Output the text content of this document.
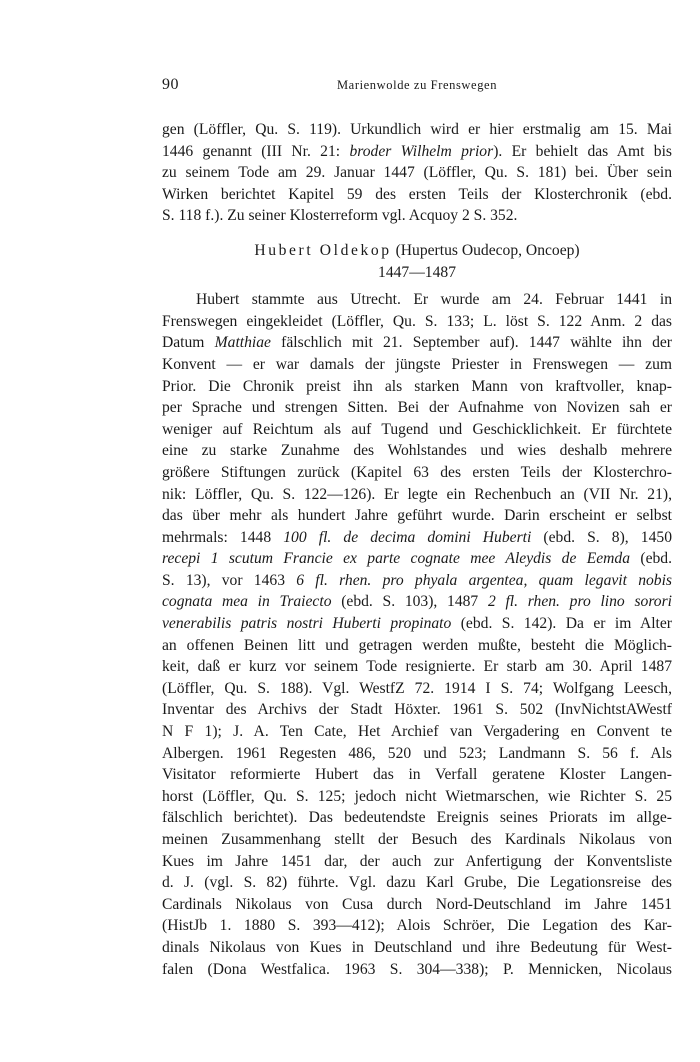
90	Marienwolde zu Frenswegen
gen (Löffler, Qu. S. 119). Urkundlich wird er hier erstmalig am 15. Mai
1446 genannt (III Nr. 21: broder Wilhelm prior). Er behielt das Amt bis
zu seinem Tode am 29. Januar 1447 (Löffler, Qu. S. 181) bei. Über sein
Wirken berichtet Kapitel 59 des ersten Teils der Klosterchronik (ebd.
S. 118 f.). Zu seiner Klosterreform vgl. Acquoy 2 S. 352.
Hubert Oldekop (Hupertus Oudecop, Oncoep)
1447—1487
Hubert stammte aus Utrecht. Er wurde am 24. Februar 1441 in
Frenswegen eingekleidet (Löffler, Qu. S. 133; L. löst S. 122 Anm. 2 das
Datum Matthiae fälschlich mit 21. September auf). 1447 wählte ihn der
Konvent — er war damals der jüngste Priester in Frenswegen — zum
Prior. Die Chronik preist ihn als starken Mann von kraftvoller, knap-
per Sprache und strengen Sitten. Bei der Aufnahme von Novizen sah er
weniger auf Reichtum als auf Tugend und Geschicklichkeit. Er fürchtete
eine zu starke Zunahme des Wohlstandes und wies deshalb mehrere
größere Stiftungen zurück (Kapitel 63 des ersten Teils der Klosterchro-
nik: Löffler, Qu. S. 122—126). Er legte ein Rechenbuch an (VII Nr. 21),
das über mehr als hundert Jahre geführt wurde. Darin erscheint er selbst
mehrmals: 1448 100 fl. de decima domini Huberti (ebd. S. 8), 1450
recepi 1 scutum Francie ex parte cognate mee Aleydis de Eemda (ebd.
S. 13), vor 1463 6 fl. rhen. pro phyala argentea, quam legavit nobis
cognata mea in Traiecto (ebd. S. 103), 1487 2 fl. rhen. pro lino sorori
venerabilis patris nostri Huberti propinato (ebd. S. 142). Da er im Alter
an offenen Beinen litt und getragen werden mußte, besteht die Möglich-
keit, daß er kurz vor seinem Tode resignierte. Er starb am 30. April 1487
(Löffler, Qu. S. 188). Vgl. WestfZ 72. 1914 I S. 74; Wolfgang Leesch,
Inventar des Archivs der Stadt Höxter. 1961 S. 502 (InvNichtstAWestf
N F 1); J. A. Ten Cate, Het Archief van Vergadering en Convent te
Albergen. 1961 Regesten 486, 520 und 523; Landmann S. 56 f. Als
Visitator reformierte Hubert das in Verfall geratene Kloster Langen-
horst (Löffler, Qu. S. 125; jedoch nicht Wietmarschen, wie Richter S. 25
fälschlich berichtet). Das bedeutendste Ereignis seines Priorats im allge-
meinen Zusammenhang stellt der Besuch des Kardinals Nikolaus von
Kues im Jahre 1451 dar, der auch zur Anfertigung der Konventsliste
d. J. (vgl. S. 82) führte. Vgl. dazu Karl Grube, Die Legationsreise des
Cardinals Nikolaus von Cusa durch Nord-Deutschland im Jahre 1451
(HistJb 1. 1880 S. 393—412); Alois Schröer, Die Legation des Kar-
dinals Nikolaus von Kues in Deutschland und ihre Bedeutung für West-
falen (Dona Westfalica. 1963 S. 304—338); P. Mennicken, Nicolaus
